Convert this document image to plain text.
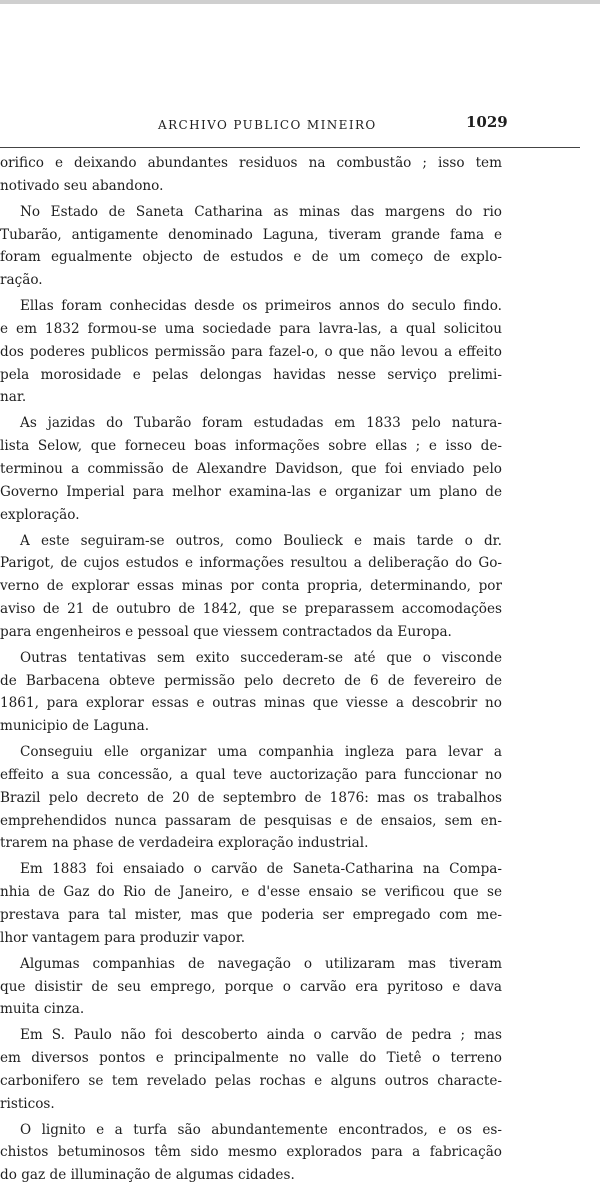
ARCHIVO PUBLICO MINEIRO	1029
orifico e deixando abundantes residuos na combustão ; isso tem
notivado seu abandono.
No Estado de Saneta Catharina as minas das margens do rio
Tubarão, antigamente denominado Laguna, tiveram grande fama e
foram egualmente objecto de estudos e de um começo de explo-
ração.
Ellas foram conhecidas desde os primeiros annos do seculo findo.
e em 1832 formou-se uma sociedade para lavra-las, a qual solicitou
dos poderes publicos permissão para fazel-o, o que não levou a effeito
pela morosidade e pelas delongas havidas nesse serviço prelimi-
nar.
As jazidas do Tubarão foram estudadas em 1833 pelo natura-
lista Selow, que forneceu boas informações sobre ellas ; e isso de-
terminou a commissão de Alexandre Davidson, que foi enviado pelo
Governo Imperial para melhor examina-las e organizar um plano de
exploração.
A este seguiram-se outros, como Boulieck e mais tarde o dr.
Parigot, de cujos estudos e informações resultou a deliberação do Go-
verno de explorar essas minas por conta propria, determinando, por
aviso de 21 de outubro de 1842, que se preparassem accomodações
para engenheiros e pessoal que viessem contractados da Europa.
Outras tentativas sem exito succederam-se até que o visconde
de Barbacena obteve permissão pelo decreto de 6 de fevereiro de
1861, para explorar essas e outras minas que viesse a descobrir no
municipio de Laguna.
Conseguiu elle organizar uma companhia ingleza para levar a
effeito a sua concessão, a qual teve auctorização para funccionar no
Brazil pelo decreto de 20 de septembro de 1876: mas os trabalhos
emprehendidos nunca passaram de pesquisas e de ensaios, sem en-
trarem na phase de verdadeira exploração industrial.
Em 1883 foi ensaiado o carvão de Saneta-Catharina na Compa-
nhia de Gaz do Rio de Janeiro, e d'esse ensaio se verificou que se
prestava para tal mister, mas que poderia ser empregado com me-
lhor vantagem para produzir vapor.
Algumas companhias de navegação o utilizaram mas tiveram
que disistir de seu emprego, porque o carvão era pyritoso e dava
muita cinza.
Em S. Paulo não foi descoberto ainda o carvão de pedra ; mas
em diversos pontos e principalmente no valle do Tietê o terreno
carbonifero se tem revelado pelas rochas e alguns outros characte-
risticos.
O lignito e a turfa são abundantemente encontrados, e os es-
chistos betuminosos têm sido mesmo explorados para a fabricação
do gaz de illuminação de algumas cidades.
